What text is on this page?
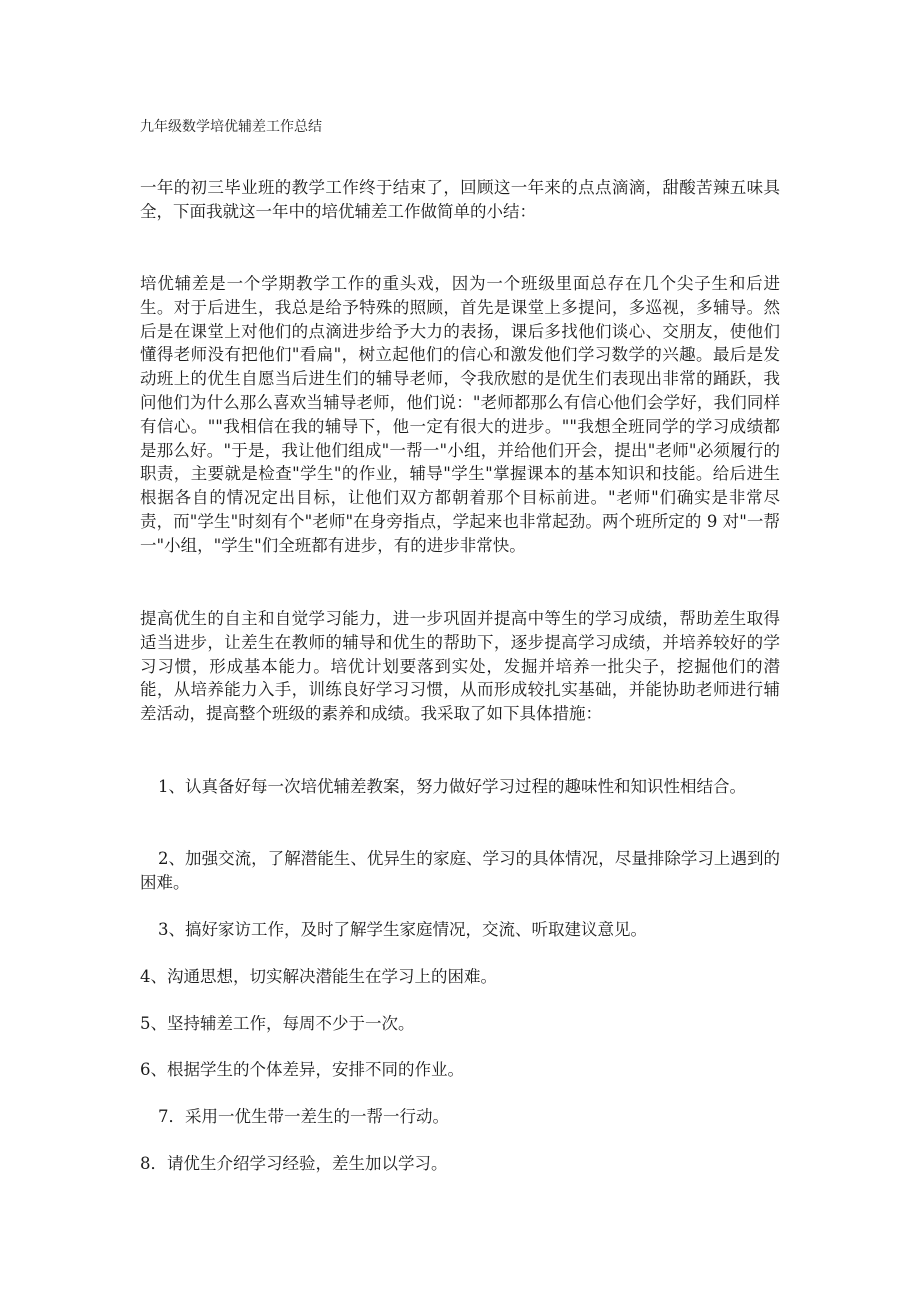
九年级数学培优辅差工作总结

一年的初三毕业班的教学工作终于结束了，回顾这一年来的点点滴滴，甜酸苦辣五味具全，下面我就这一年中的培优辅差工作做简单的小结：

培优辅差是一个学期教学工作的重头戏，因为一个班级里面总存在几个尖子生和后进生。对于后进生，我总是给予特殊的照顾，首先是课堂上多提问，多巡视，多辅导。然后是在课堂上对他们的点滴进步给予大力的表扬，课后多找他们谈心、交朋友，使他们懂得老师没有把他们"看扁"，树立起他们的信心和激发他们学习数学的兴趣。最后是发动班上的优生自愿当后进生们的辅导老师，令我欣慰的是优生们表现出非常的踊跃，我问他们为什么那么喜欢当辅导老师，他们说："老师都那么有信心他们会学好，我们同样有信心。""我相信在我的辅导下，他一定有很大的进步。""我想全班同学的学习成绩都是那么好。"于是，我让他们组成"一帮一"小组，并给他们开会，提出"老师"必须履行的职责，主要就是检查"学生"的作业，辅导"学生"掌握课本的基本知识和技能。给后进生根据各自的情况定出目标，让他们双方都朝着那个目标前进。"老师"们确实是非常尽责，而"学生"时刻有个"老师"在身旁指点，学起来也非常起劲。两个班所定的 9 对"一帮一"小组，"学生"们全班都有进步，有的进步非常快。

提高优生的自主和自觉学习能力，进一步巩固并提高中等生的学习成绩，帮助差生取得适当进步，让差生在教师的辅导和优生的帮助下，逐步提高学习成绩，并培养较好的学习习惯，形成基本能力。培优计划要落到实处，发掘并培养一批尖子，挖掘他们的潜能，从培养能力入手，训练良好学习习惯，从而形成较扎实基础，并能协助老师进行辅差活动，提高整个班级的素养和成绩。我采取了如下具体措施：

1、认真备好每一次培优辅差教案，努力做好学习过程的趣味性和知识性相结合。

2、加强交流，了解潜能生、优异生的家庭、学习的具体情况，尽量排除学习上遇到的困难。

3、搞好家访工作，及时了解学生家庭情况，交流、听取建议意见。

4、沟通思想，切实解决潜能生在学习上的困难。

5、坚持辅差工作，每周不少于一次。

6、根据学生的个体差异，安排不同的作业。

7．采用一优生带一差生的一帮一行动。

8．请优生介绍学习经验，差生加以学习。
